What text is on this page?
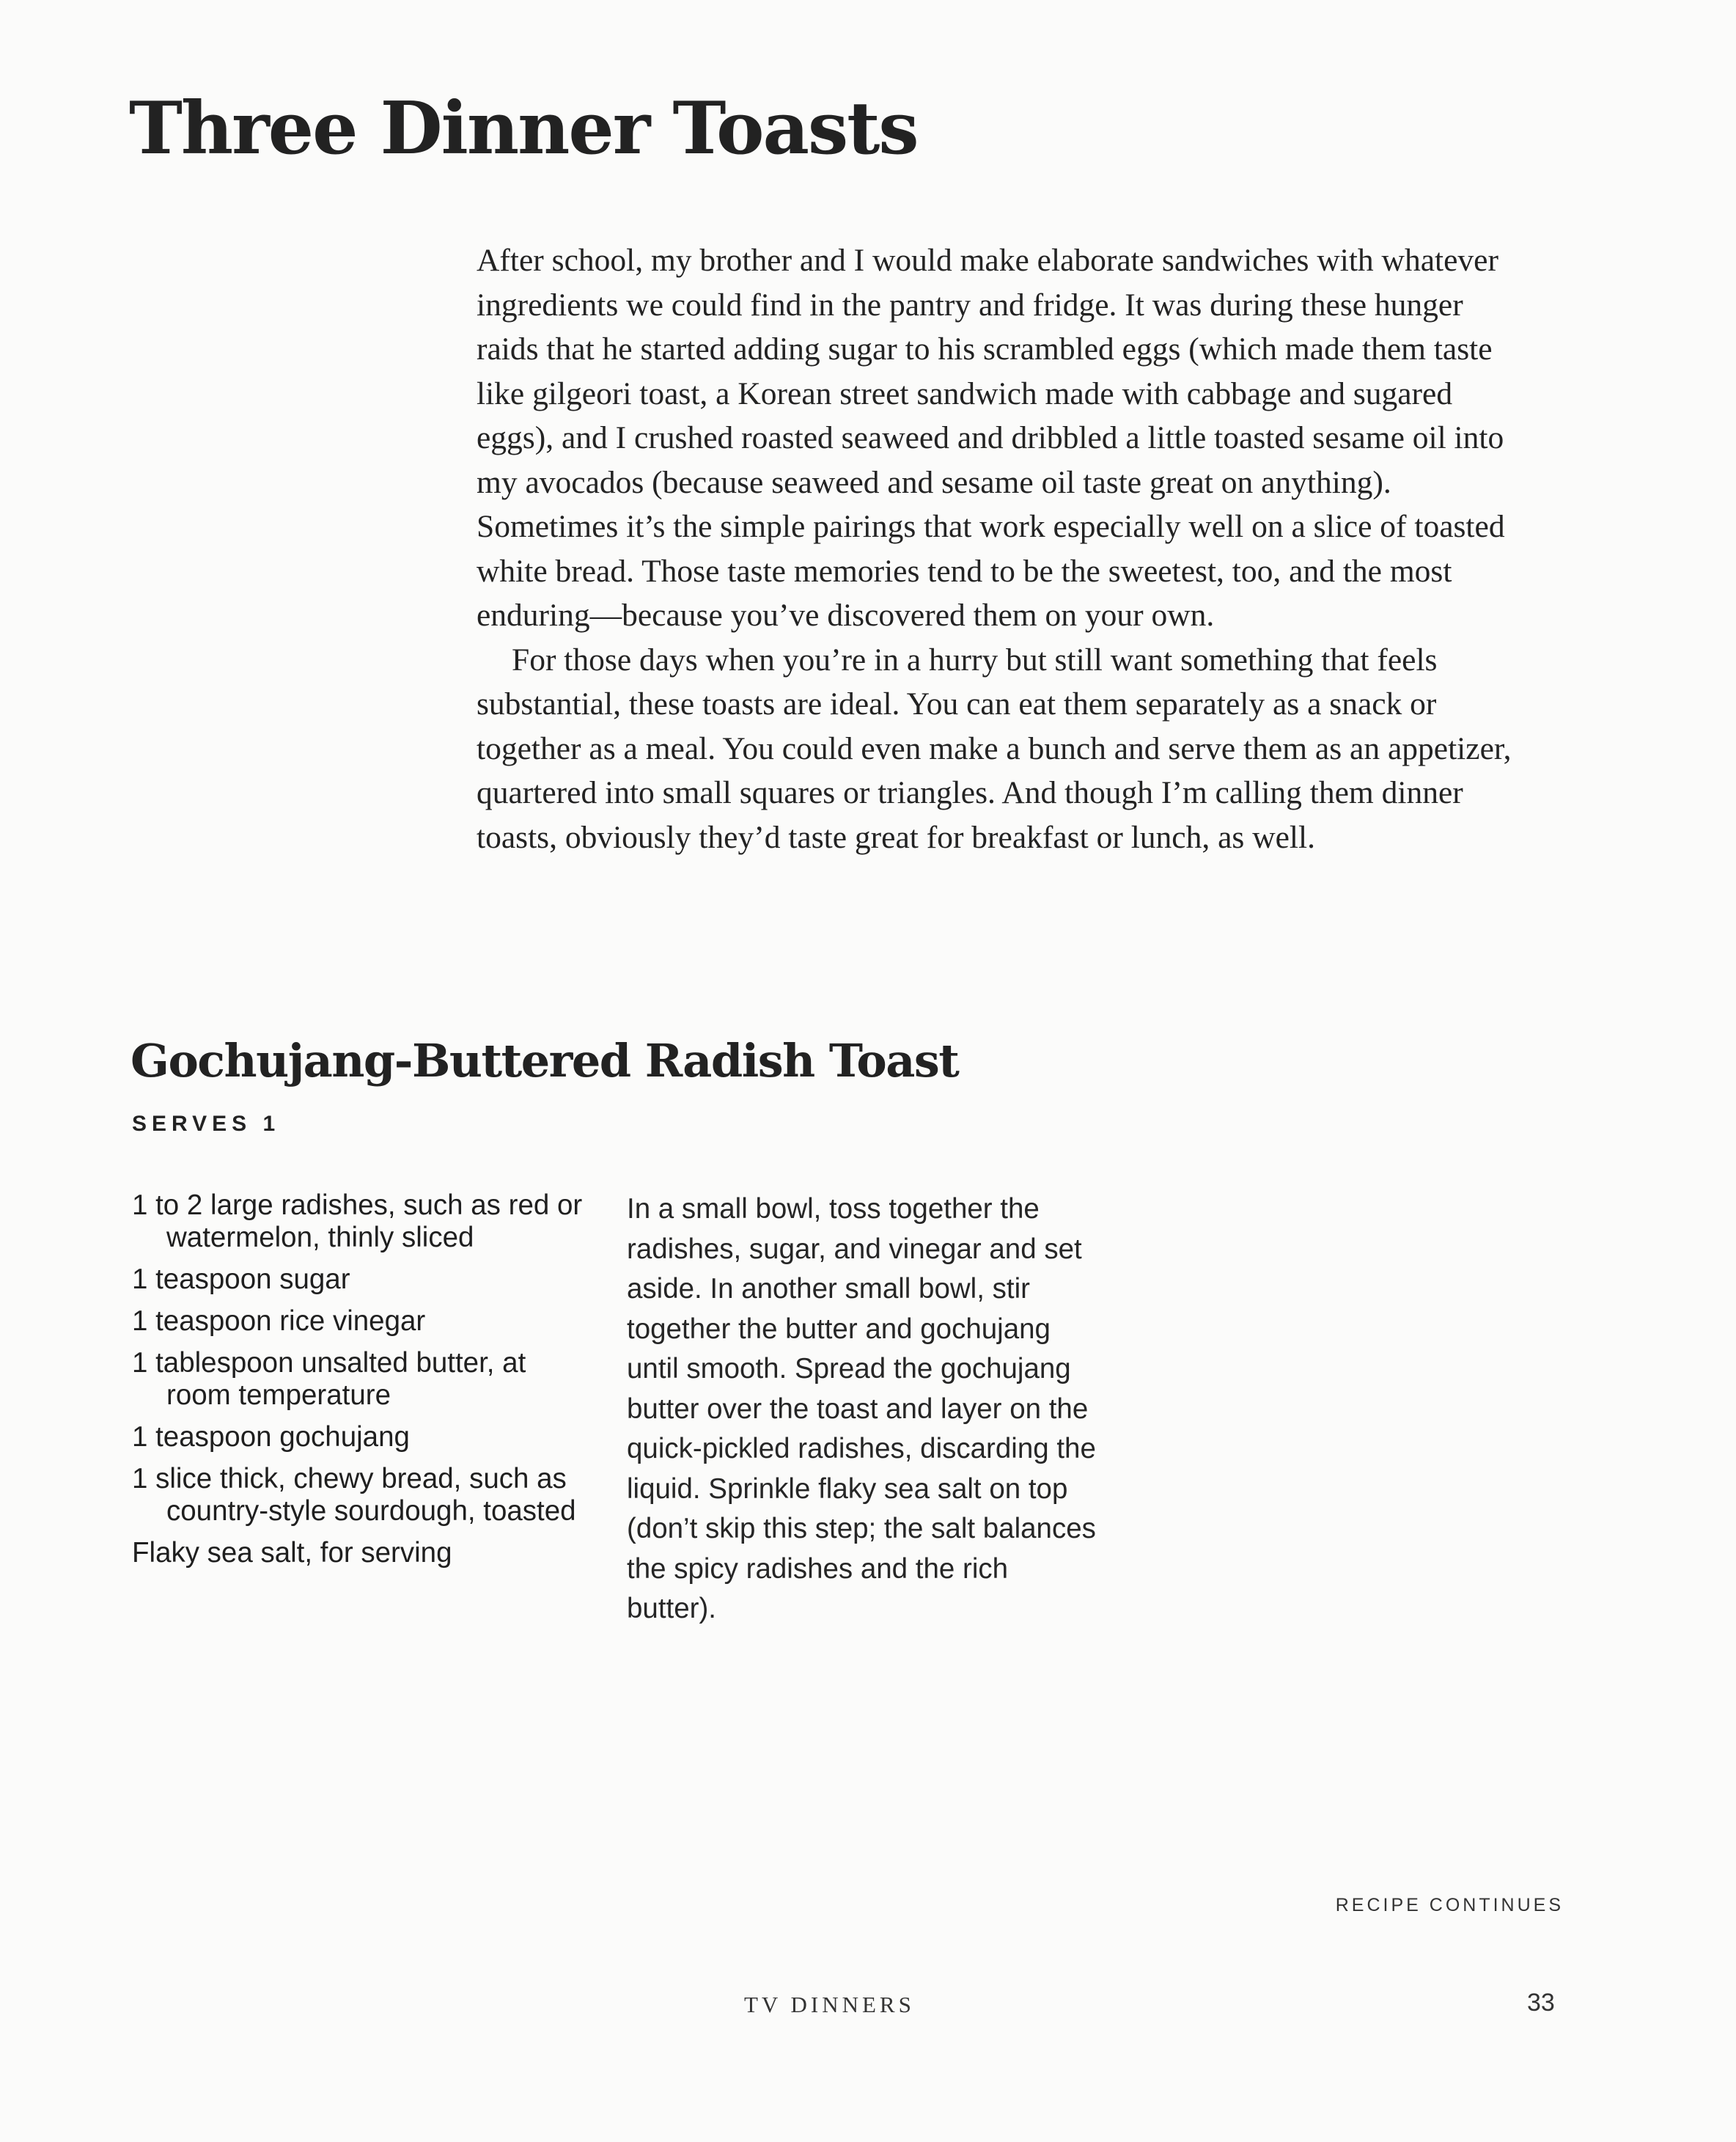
Three Dinner Toasts

After school, my brother and I would make elaborate sandwiches with whatever ingredients we could find in the pantry and fridge. It was during these hunger raids that he started adding sugar to his scrambled eggs (which made them taste like gilgeori toast, a Korean street sandwich made with cabbage and sugared eggs), and I crushed roasted seaweed and dribbled a little toasted sesame oil into my avocados (because seaweed and sesame oil taste great on anything). Sometimes it’s the simple pairings that work especially well on a slice of toasted white bread. Those taste memories tend to be the sweetest, too, and the most enduring—because you’ve discovered them on your own.

For those days when you’re in a hurry but still want something that feels substantial, these toasts are ideal. You can eat them separately as a snack or together as a meal. You could even make a bunch and serve them as an appetizer, quartered into small squares or triangles. And though I’m calling them dinner toasts, obviously they’d taste great for breakfast or lunch, as well.

Gochujang-Buttered Radish Toast
SERVES 1
1 to 2 large radishes, such as red or watermelon, thinly sliced
1 teaspoon sugar
1 teaspoon rice vinegar
1 tablespoon unsalted butter, at room temperature
1 teaspoon gochujang
1 slice thick, chewy bread, such as country-style sourdough, toasted
Flaky sea salt, for serving

In a small bowl, toss together the radishes, sugar, and vinegar and set aside. In another small bowl, stir together the butter and gochujang until smooth. Spread the gochujang butter over the toast and layer on the quick-pickled radishes, discarding the liquid. Sprinkle flaky sea salt on top (don’t skip this step; the salt balances the spicy radishes and the rich butter).

RECIPE CONTINUES
TV DINNERS	33
